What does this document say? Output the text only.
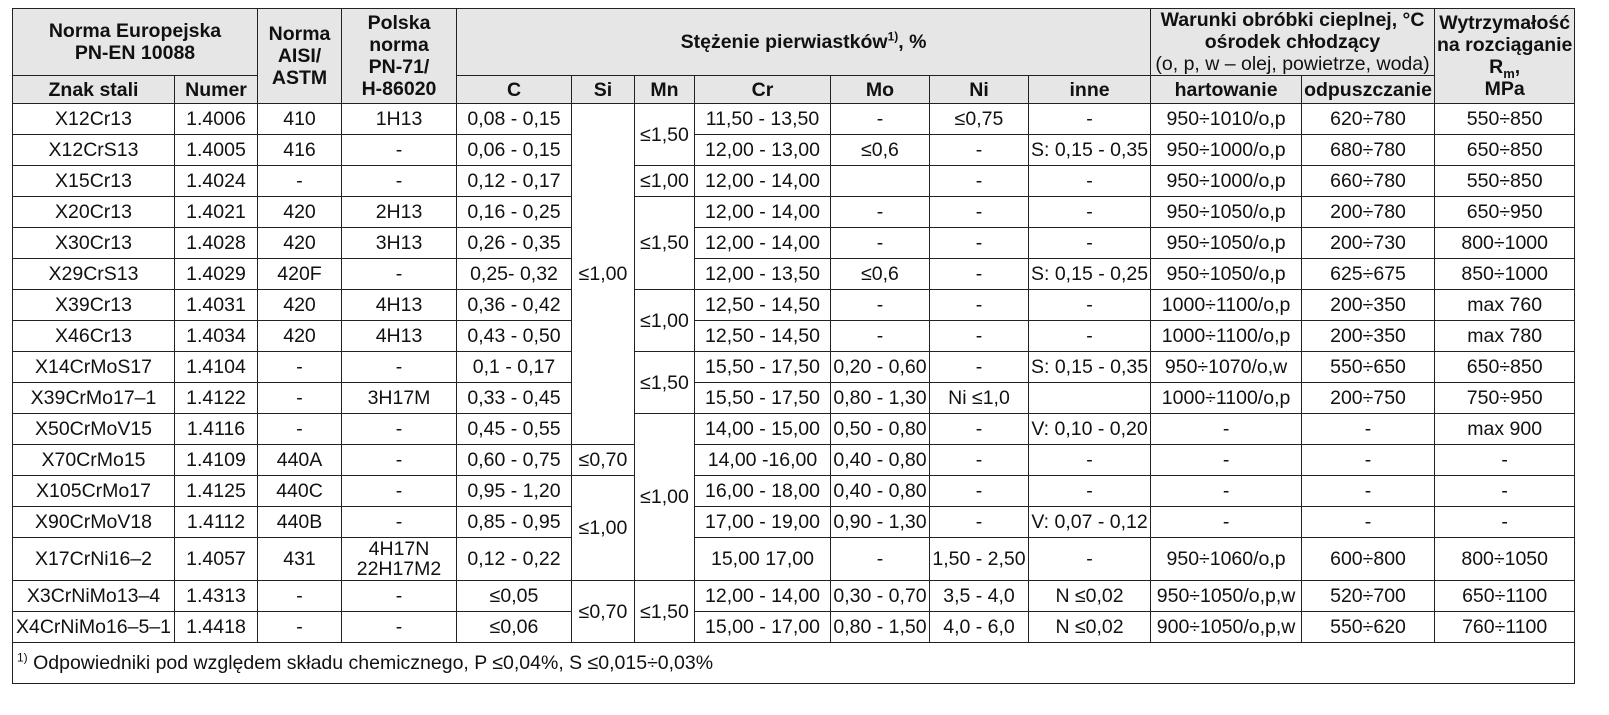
Norma Europejska
PN-EN 10088		Norma AISI/ ASTM	Polska
norma
PN-71/
H-86020	Stężenie pierwiastków$^{1)}$, %							Warunki obróbki cieplnej, °C
ośrodek chłodzący
(o, p, w – olej, powietrze, woda)		Wytrzymałość
na rozciąganie
$R_m$,
MPa
Znak stali	Numer			C	Si	Mn	Cr	Mo	Ni	inne	hartowanie	odpuszczanie	
X12Cr13	1.4006	410	1H13	0,08 - 0,15	≤1,00	≤1,50	11,50 - 13,50	-	≤0,75	-	950÷1010/o,p	620÷780	550÷850
X12CrS13	1.4005	416	-	0,06 - 0,15			12,00 - 13,00	≤0,6	-	S: 0,15 - 0,35	950÷1000/o,p	680÷780	650÷850
X15Cr13	1.4024	-	-	0,12 - 0,17		≤1,00	12,00 - 14,00		-	-	950÷1000/o,p	660÷780	550÷850
X20Cr13	1.4021	420	2H13	0,16 - 0,25		≤1,50	12,00 - 14,00	-	-	-	950÷1050/o,p	200÷780	650÷950
X30Cr13	1.4028	420	3H13	0,26 - 0,35			12,00 - 14,00	-	-	-	950÷1050/o,p	200÷730	800÷1000
X29CrS13	1.4029	420F	-	0,25- 0,32			12,00 - 13,50	≤0,6	-	S: 0,15 - 0,25	950÷1050/o,p	625÷675	850÷1000
X39Cr13	1.4031	420	4H13	0,36 - 0,42		≤1,00	12,50 - 14,50	-	-	-	1000÷1100/o,p	200÷350	max 760
X46Cr13	1.4034	420	4H13	0,43 - 0,50			12,50 - 14,50	-	-	-	1000÷1100/o,p	200÷350	max 780
X14CrMoS17	1.4104	-	-	0,1 - 0,17		≤1,50	15,50 - 17,50	0,20 - 0,60	-	S: 0,15 - 0,35	950÷1070/o,w	550÷650	650÷850
X39CrMo17–1	1.4122	-	3H17M	0,33 - 0,45			15,50 - 17,50	0,80 - 1,30	Ni ≤1,0		1000÷1100/o,p	200÷750	750÷950
X50CrMoV15	1.4116	-	-	0,45 - 0,55		≤1,00	14,00 - 15,00	0,50 - 0,80	-	V: 0,10 - 0,20	-	-	max 900
X70CrMo15	1.4109	440A	-	0,60 - 0,75	≤0,70		14,00 -16,00	0,40 - 0,80	-	-	-	-	-
X105CrMo17	1.4125	440C	-	0,95 - 1,20	≤1,00		16,00 - 18,00	0,40 - 0,80	-	-	-	-	-
X90CrMoV18	1.4112	440B	-	0,85 - 0,95			17,00 - 19,00	0,90 - 1,30	-	V: 0,07 - 0,12	-	-	-
X17CrNi16–2	1.4057	431	4H17N
22H17M2	0,12 - 0,22			15,00 17,00	-	1,50 - 2,50	-	950÷1060/o,p	600÷800	800÷1050
X3CrNiMo13–4	1.4313	-	-	≤0,05	≤0,70	≤1,50	12,00 - 14,00	0,30 - 0,70	3,5 - 4,0	N ≤0,02	950÷1050/o,p,w	520÷700	650÷1100
X4CrNiMo16–5–1	1.4418	-	-	≤0,06			15,00 - 17,00	0,80 - 1,50	4,0 - 6,0	N ≤0,02	900÷1050/o,p,w	550÷620	760÷1100
$^{1)}$ Odpowiedniki pod względem składu chemicznego, P ≤0,04%, S ≤0,015÷0,03%													
